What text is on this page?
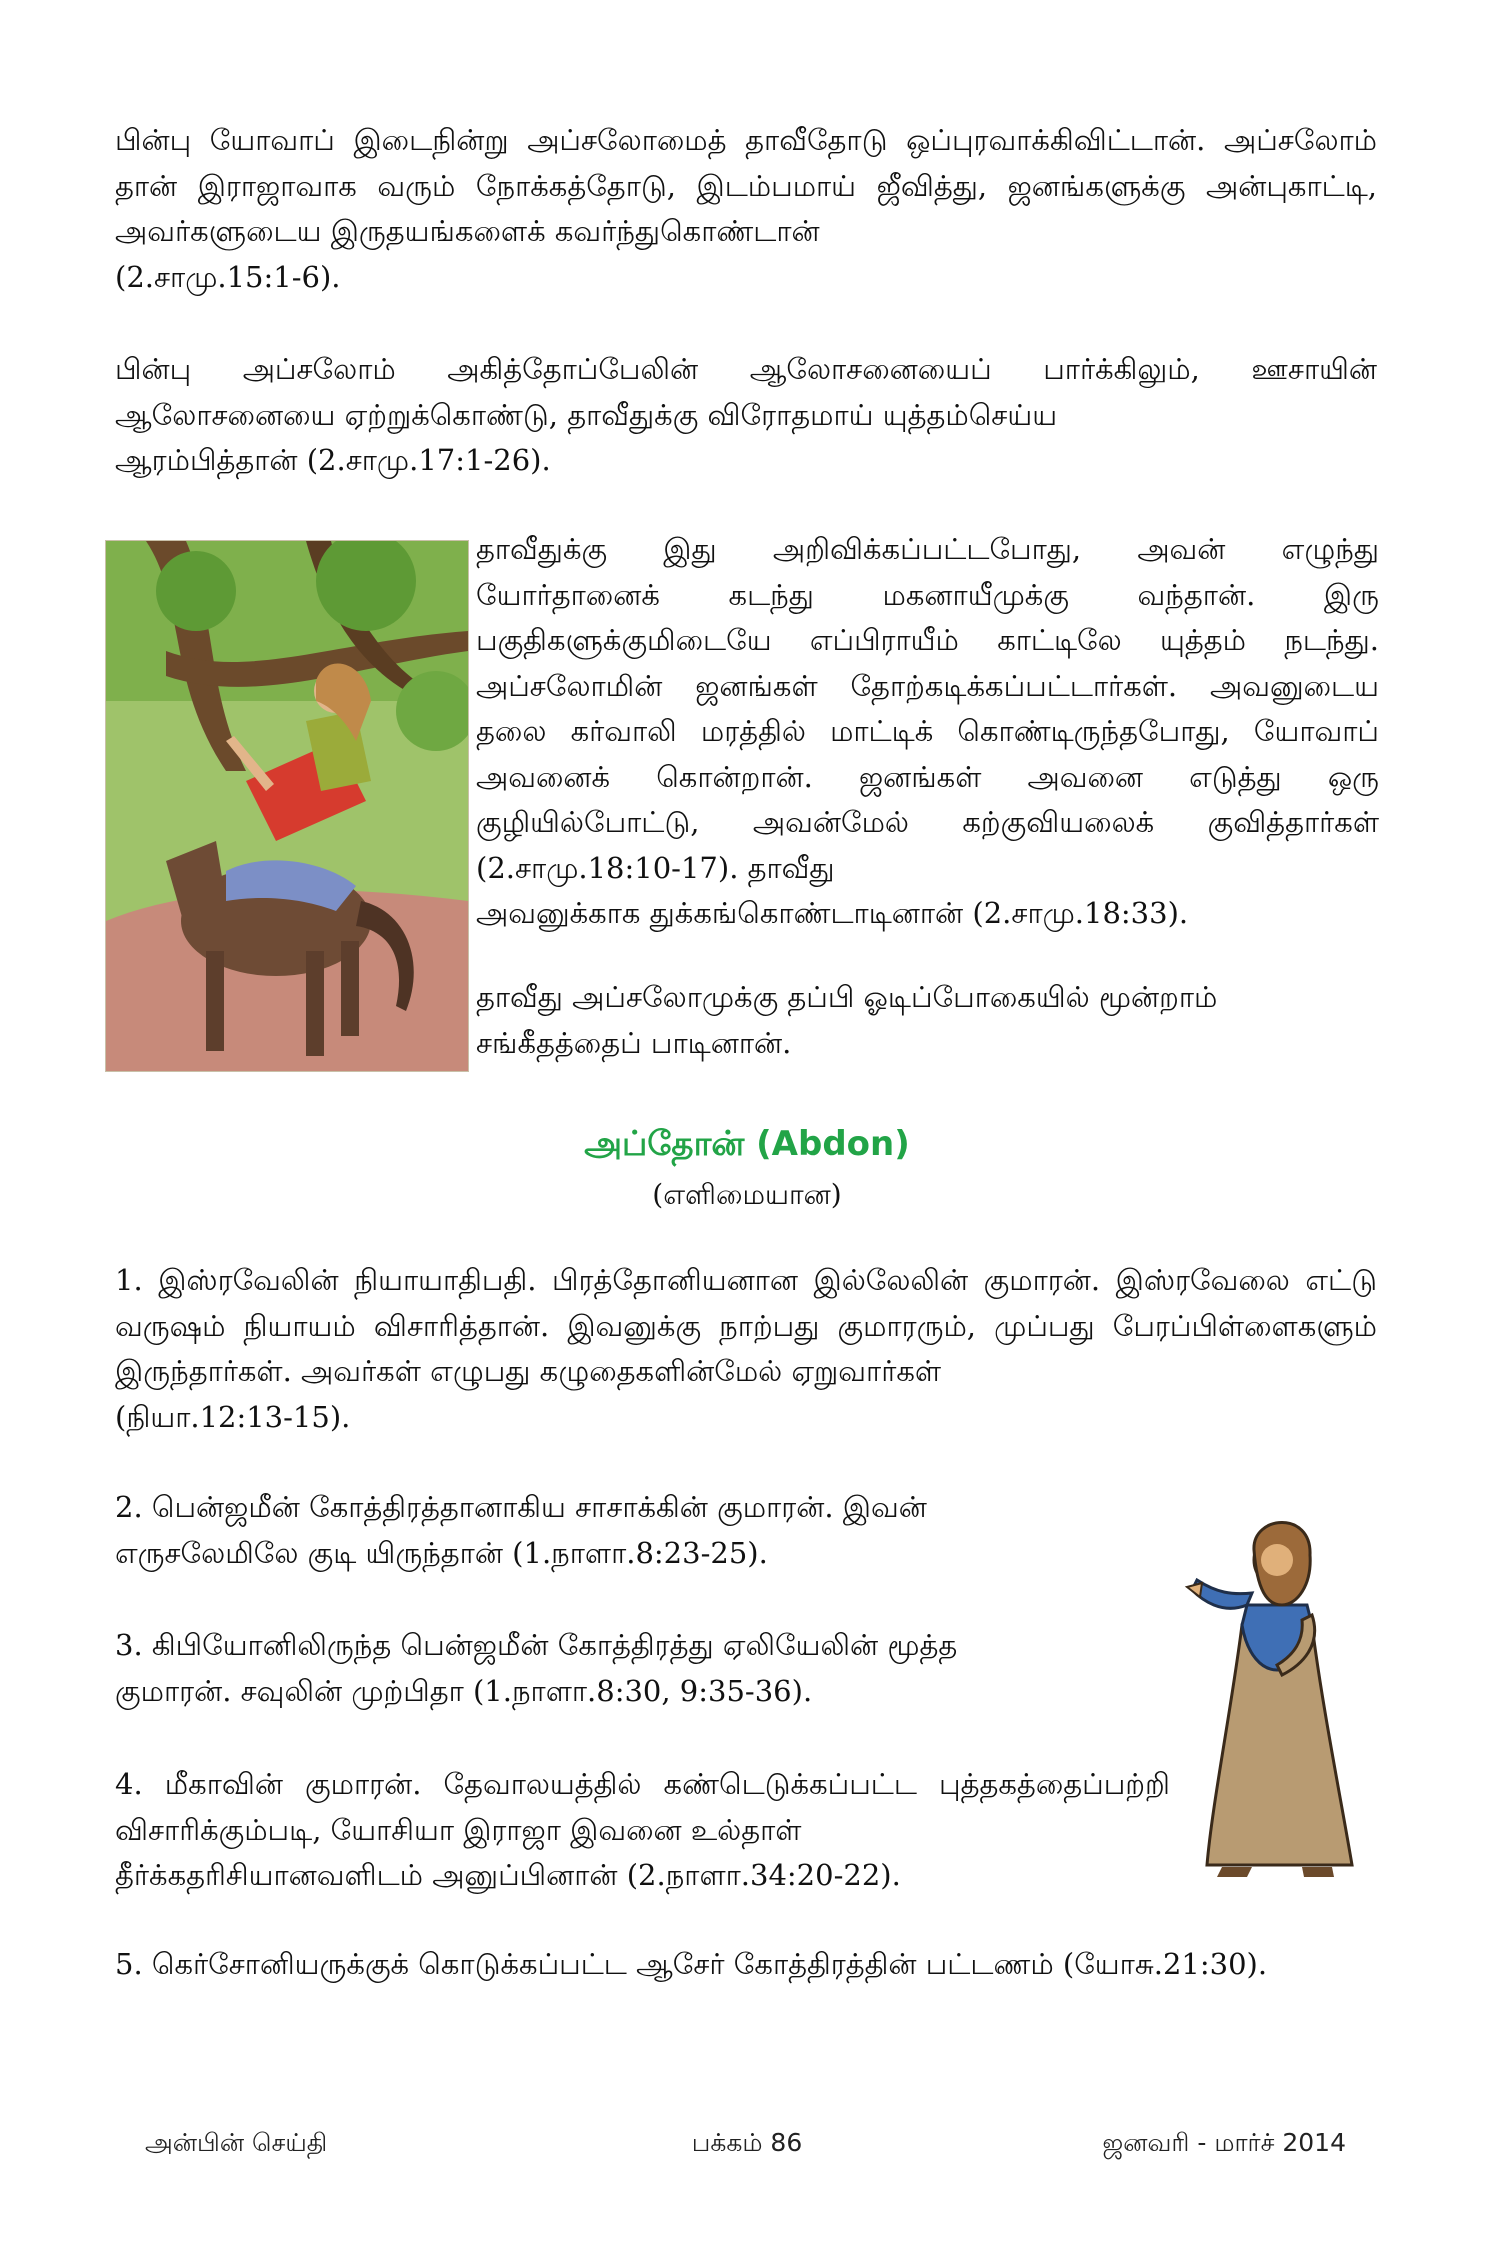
பின்பு யோவாப் இடைநின்று அப்சலோமைத் தாவீதோடு ஒப்புரவாக்கிவிட்டான். அப்சலோம் தான் இராஜாவாக வரும் நோக்கத்தோடு, இடம்பமாய் ஜீவித்து, ஜனங்களுக்கு அன்புகாட்டி, அவர்களுடைய இருதயங்களைக் கவர்ந்துகொண்டான்
(2.சாமு.15:1-6).

பின்பு அப்சலோம் அகித்தோப்பேலின் ஆலோசனையைப் பார்க்கிலும், ஊசாயின் ஆலோசனையை ஏற்றுக்கொண்டு, தாவீதுக்கு விரோதமாய் யுத்தம்செய்ய
ஆரம்பித்தான் (2.சாமு.17:1-26).

தாவீதுக்கு இது அறிவிக்கப்பட்டபோது, அவன் எழுந்து யோர்தானைக் கடந்து மகனாயீமுக்கு வந்தான். இரு பகுதிகளுக்குமிடையே எப்பிராயீம் காட்டிலே யுத்தம் நடந்து. அப்சலோமின் ஜனங்கள் தோற்கடிக்கப்பட்டார்கள். அவனுடைய தலை கர்வாலி மரத்தில் மாட்டிக் கொண்டிருந்தபோது, யோவாப் அவனைக் கொன்றான். ஜனங்கள் அவனை எடுத்து ஒரு குழியில்போட்டு, அவன்மேல் கற்குவியலைக் குவித்தார்கள் (2.சாமு.18:10-17). தாவீது
அவனுக்காக துக்கங்கொண்டாடினான் (2.சாமு.18:33).

தாவீது அப்சலோமுக்கு தப்பி ஓடிப்போகையில் மூன்றாம்
சங்கீதத்தைப் பாடினான்.

அப்தோன் (Abdon)
(எளிமையான)

1. இஸ்ரவேலின் நியாயாதிபதி. பிரத்தோனியனான இல்லேலின் குமாரன். இஸ்ரவேலை எட்டு வருஷம் நியாயம் விசாரித்தான். இவனுக்கு நாற்பது குமாரரும், முப்பது பேரப்பிள்ளைகளும் இருந்தார்கள். அவர்கள் எழுபது கழுதைகளின்மேல் ஏறுவார்கள்
(நியா.12:13-15).

2. பென்ஜமீன் கோத்திரத்தானாகிய சாசாக்கின் குமாரன். இவன்
எருசலேமிலே குடி யிருந்தான் (1.நாளா.8:23-25).

3. கிபியோனிலிருந்த பென்ஜமீன் கோத்திரத்து ஏலியேலின் மூத்த
குமாரன். சவுலின் முற்பிதா (1.நாளா.8:30, 9:35-36).

4. மீகாவின் குமாரன். தேவாலயத்தில் கண்டெடுக்கப்பட்ட புத்தகத்தைப்பற்றி விசாரிக்கும்படி, யோசியா இராஜா இவனை உல்தாள்
தீர்க்கதரிசியானவளிடம் அனுப்பினான் (2.நாளா.34:20-22).

5. கெர்சோனியருக்குக் கொடுக்கப்பட்ட ஆசேர் கோத்திரத்தின் பட்டணம் (யோசு.21:30).

அன்பின் செய்தி	பக்கம் 86	ஜனவரி - மார்ச் 2014
